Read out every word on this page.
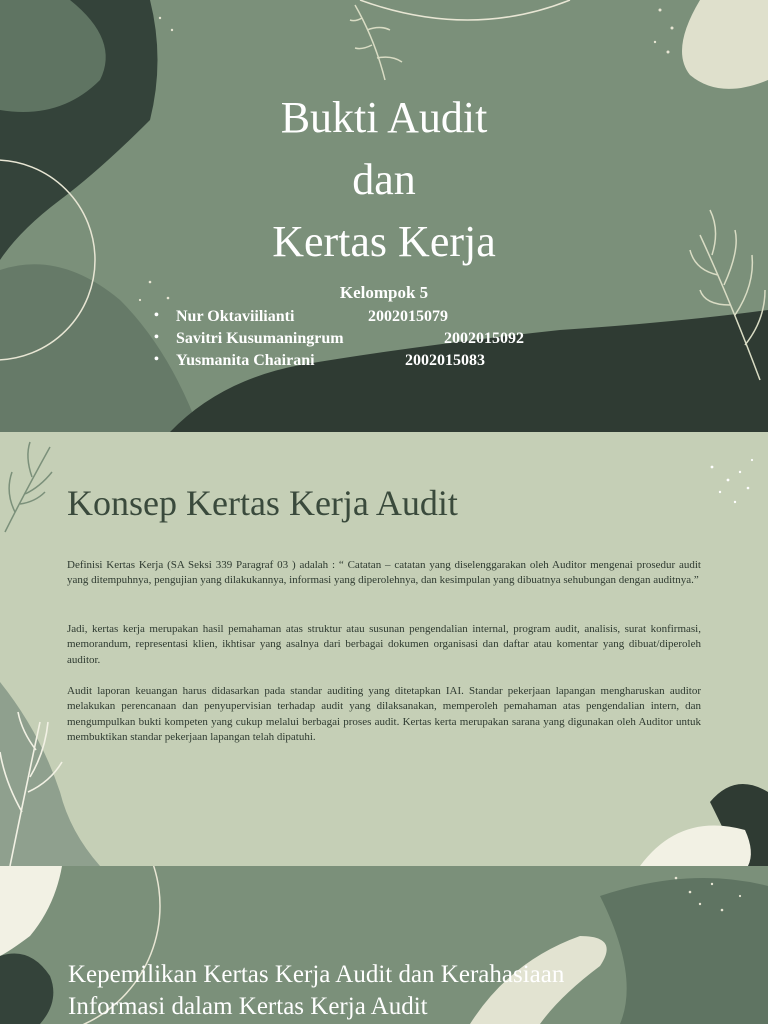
Bukti Audit
dan
Kertas Kerja
Kelompok 5
• Nur Oktaviilianti	2002015079
• Savitri Kusumaningrum	2002015092
• Yusmanita Chairani	2002015083
Konsep Kertas Kerja Audit

Definisi Kertas Kerja (SA Seksi 339 Paragraf 03 ) adalah : “ Catatan – catatan yang diselenggarakan oleh Auditor mengenai prosedur audit yang ditempuhnya, pengujian yang dilakukannya, informasi yang diperolehnya, dan kesimpulan yang dibuatnya sehubungan dengan auditnya.”

Jadi, kertas kerja merupakan hasil pemahaman atas struktur atau susunan pengendalian internal, program audit, analisis, surat konfirmasi, memorandum, representasi klien, ikhtisar yang asalnya dari berbagai dokumen organisasi dan daftar atau komentar yang dibuat/diperoleh auditor.

Audit laporan keuangan harus didasarkan pada standar auditing yang ditetapkan IAI. Standar pekerjaan lapangan mengharuskan auditor melakukan perencanaan dan penyupervisian terhadap audit yang dilaksanakan, memperoleh pemahaman atas pengendalian intern, dan mengumpulkan bukti kompeten yang cukup melalui berbagai proses audit. Kertas kerta merupakan sarana yang digunakan oleh Auditor untuk membuktikan standar pekerjaan lapangan telah dipatuhi.

Kepemilikan Kertas Kerja Audit dan Kerahasiaan
Informasi dalam Kertas Kerja Audit
